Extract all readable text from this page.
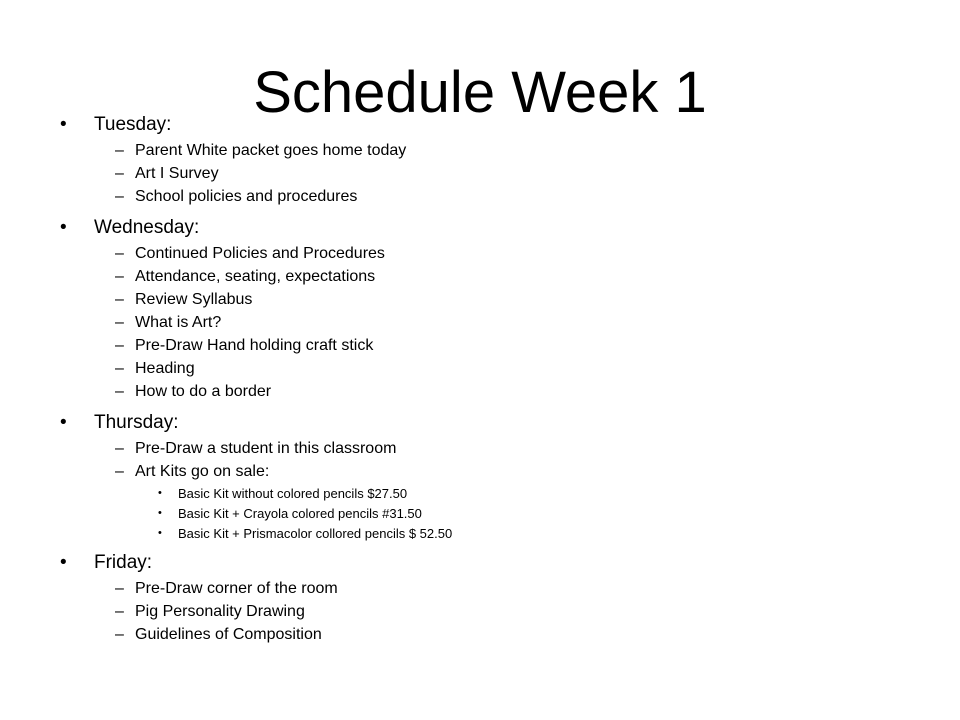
Schedule Week 1
• Tuesday:
– Parent White packet goes home today
– Art I Survey
– School policies and procedures
• Wednesday:
– Continued Policies and Procedures
– Attendance, seating, expectations
– Review Syllabus
– What is Art?
– Pre-Draw Hand holding craft stick
– Heading
– How to do a border
• Thursday:
– Pre-Draw a student in this classroom
– Art Kits go on sale:
• Basic Kit without colored pencils $27.50
• Basic Kit + Crayola colored pencils #31.50
• Basic Kit + Prismacolor collored pencils $ 52.50
• Friday:
– Pre-Draw corner of the room
– Pig Personality Drawing
– Guidelines of Composition
